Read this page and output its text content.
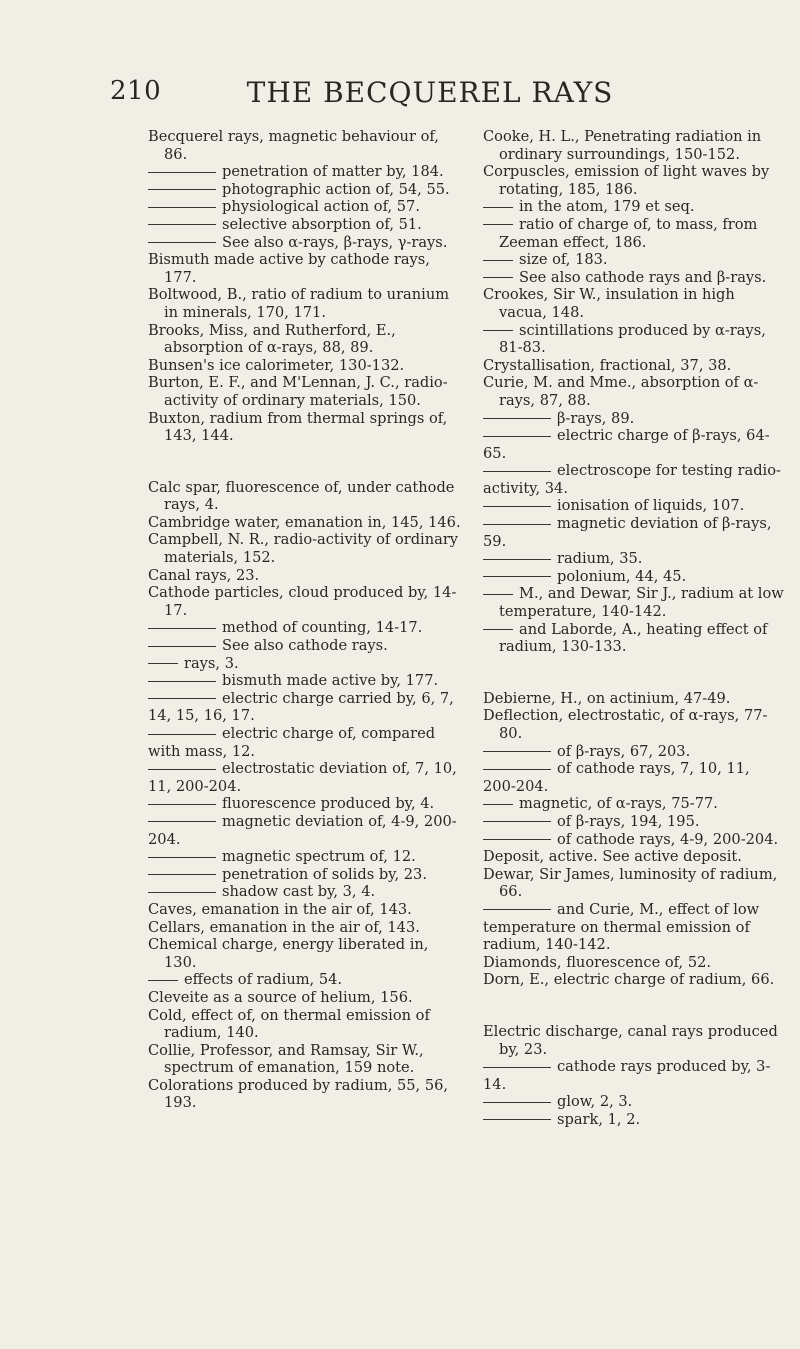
210	THE BECQUEREL RAYS

Becquerel rays, magnetic behaviour of, 86.

penetration of matter by, 184.

photographic action of, 54, 55.

physiological action of, 57.

selective absorption of, 51.

See also α-rays, β-rays, γ-rays.

Bismuth made active by cathode rays, 177.

Boltwood, B., ratio of radium to uranium in minerals, 170, 171.

Brooks, Miss, and Rutherford, E., absorption of α-rays, 88, 89.

Bunsen's ice calorimeter, 130-132.

Burton, E. F., and M'Lennan, J. C., radio-activity of ordinary materials, 150.

Buxton, radium from thermal springs of, 143, 144.

Calc spar, fluorescence of, under cathode rays, 4.

Cambridge water, emanation in, 145, 146.

Campbell, N. R., radio-activity of ordinary materials, 152.

Canal rays, 23.

Cathode particles, cloud produced by, 14-17.

method of counting, 14-17.

See also cathode rays.

rays, 3.

bismuth made active by, 177.

electric charge carried by, 6, 7, 14, 15, 16, 17.

electric charge of, compared with mass, 12.

electrostatic deviation of, 7, 10, 11, 200-204.

fluorescence produced by, 4.

magnetic deviation of, 4-9, 200-204.

magnetic spectrum of, 12.

penetration of solids by, 23.

shadow cast by, 3, 4.

Caves, emanation in the air of, 143.

Cellars, emanation in the air of, 143.

Chemical charge, energy liberated in, 130.

effects of radium, 54.

Cleveite as a source of helium, 156.

Cold, effect of, on thermal emission of radium, 140.

Collie, Professor, and Ramsay, Sir W., spectrum of emanation, 159 note.

Colorations produced by radium, 55, 56, 193.

Cooke, H. L., Penetrating radiation in ordinary surroundings, 150-152.

Corpuscles, emission of light waves by rotating, 185, 186.

in the atom, 179 et seq.

ratio of charge of, to mass, from Zeeman effect, 186.

size of, 183.

See also cathode rays and β-rays.

Crookes, Sir W., insulation in high vacua, 148.

scintillations produced by α-rays, 81-83.

Crystallisation, fractional, 37, 38.

Curie, M. and Mme., absorption of α-rays, 87, 88.

β-rays, 89.

electric charge of β-rays, 64-65.

electroscope for testing radio-activity, 34.

ionisation of liquids, 107.

magnetic deviation of β-rays, 59.

radium, 35.

polonium, 44, 45.

M., and Dewar, Sir J., radium at low temperature, 140-142.

and Laborde, A., heating effect of radium, 130-133.

Debierne, H., on actinium, 47-49.

Deflection, electrostatic, of α-rays, 77-80.

of β-rays, 67, 203.

of cathode rays, 7, 10, 11, 200-204.

magnetic, of α-rays, 75-77.

of β-rays, 194, 195.

of cathode rays, 4-9, 200-204.

Deposit, active. See active deposit.

Dewar, Sir James, luminosity of radium, 66.

and Curie, M., effect of low temperature on thermal emission of radium, 140-142.

Diamonds, fluorescence of, 52.

Dorn, E., electric charge of radium, 66.

Electric discharge, canal rays produced by, 23.

cathode rays produced by, 3-14.

glow, 2, 3.

spark, 1, 2.
